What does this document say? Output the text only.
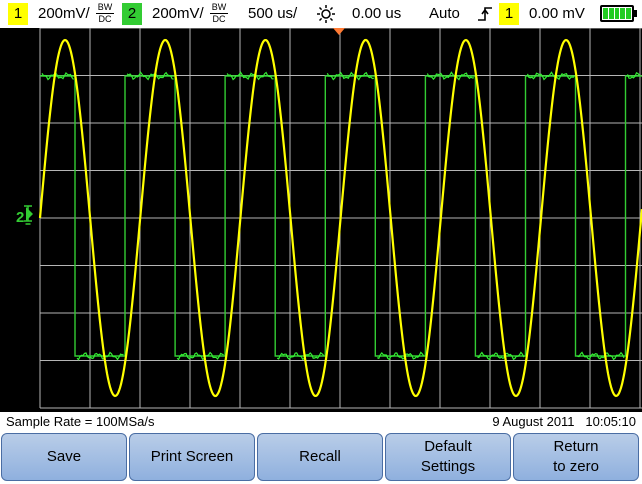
1	200mV/ BW
DC	2	200mV/ BW
DC 500 us/	0.00 us Auto	1	0.00 mV
2
Sample Rate = 100MSa/s	9 August 2011 10:05:10
Save	Print Screen	Recall
Default
Settings
Return
to zero
